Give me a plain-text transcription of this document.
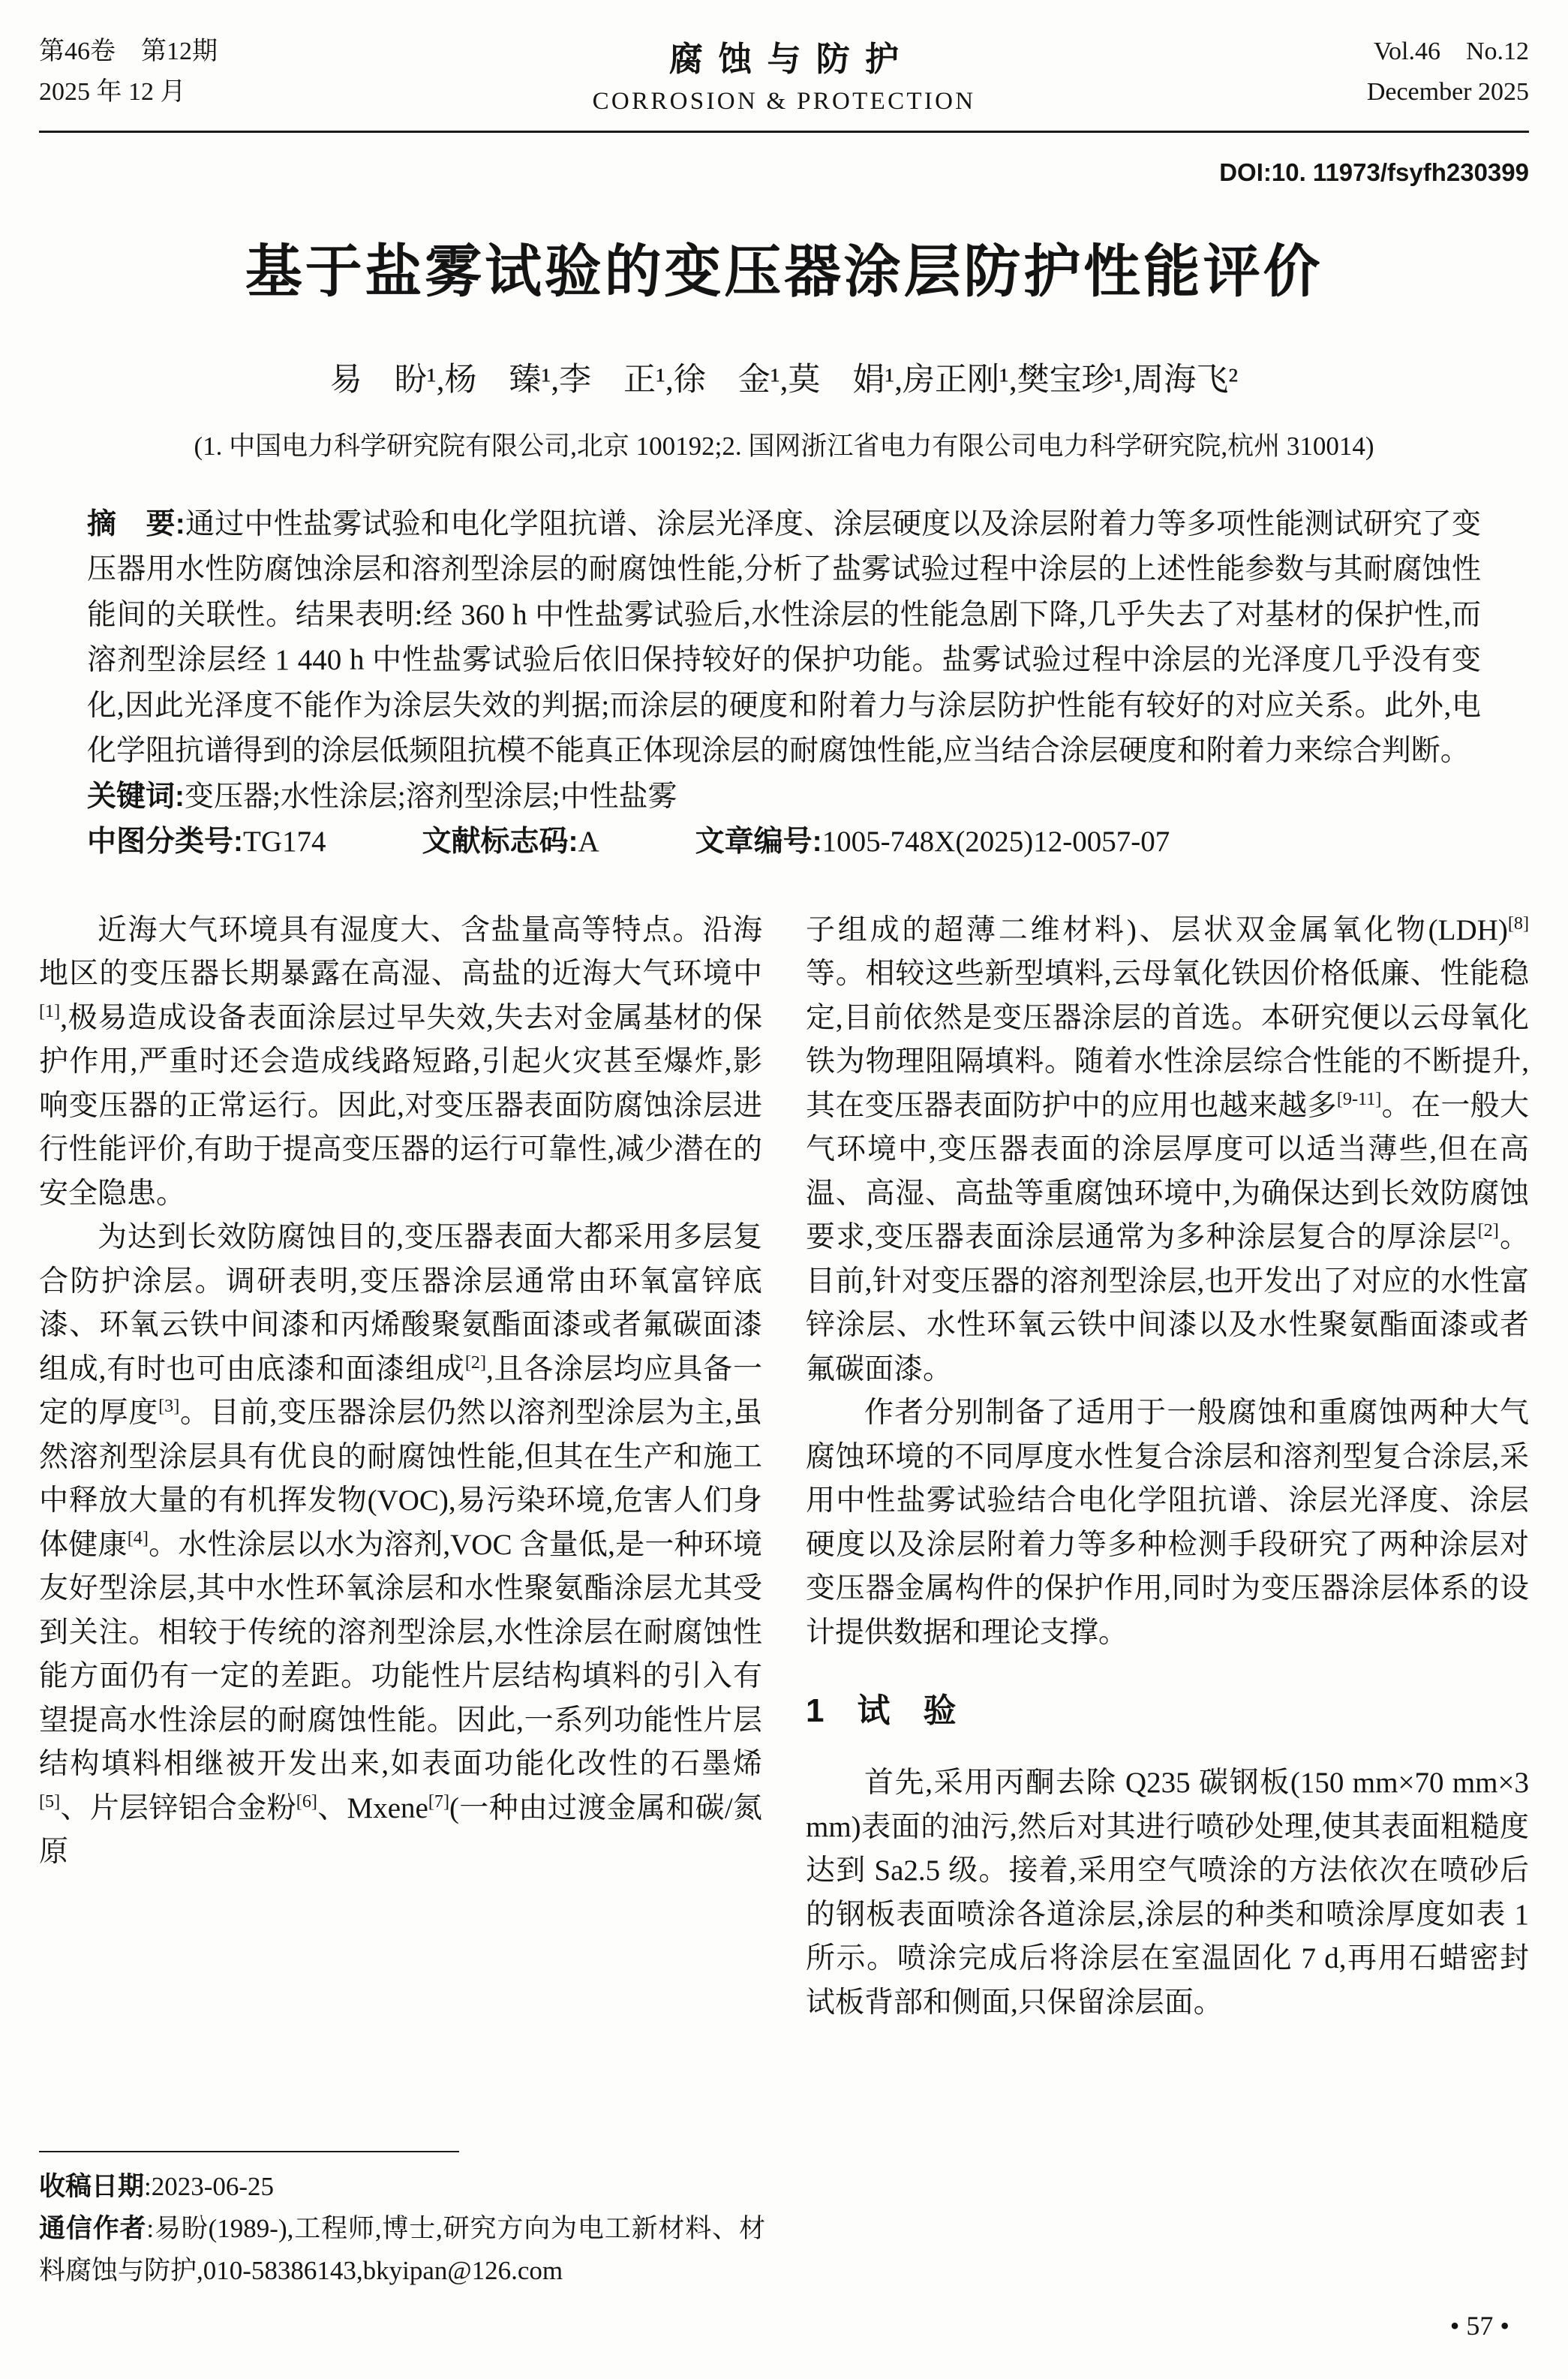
第46卷　第12期
2025 年 12 月
腐蚀与防护
CORROSION & PROTECTION
Vol.46　No.12
December 2025
DOI:10. 11973/fsyfh230399
基于盐雾试验的变压器涂层防护性能评价
易　盼¹,杨　臻¹,李　正¹,徐　金¹,莫　娟¹,房正刚¹,樊宝珍¹,周海飞²
(1. 中国电力科学研究院有限公司,北京 100192;2. 国网浙江省电力有限公司电力科学研究院,杭州 310014)

摘　要:通过中性盐雾试验和电化学阻抗谱、涂层光泽度、涂层硬度以及涂层附着力等多项性能测试研究了变压器用水性防腐蚀涂层和溶剂型涂层的耐腐蚀性能,分析了盐雾试验过程中涂层的上述性能参数与其耐腐蚀性能间的关联性。结果表明:经 360 h 中性盐雾试验后,水性涂层的性能急剧下降,几乎失去了对基材的保护性,而溶剂型涂层经 1 440 h 中性盐雾试验后依旧保持较好的保护功能。盐雾试验过程中涂层的光泽度几乎没有变化,因此光泽度不能作为涂层失效的判据;而涂层的硬度和附着力与涂层防护性能有较好的对应关系。此外,电化学阻抗谱得到的涂层低频阻抗模不能真正体现涂层的耐腐蚀性能,应当结合涂层硬度和附着力来综合判断。

关键词:变压器;水性涂层;溶剂型涂层;中性盐雾

中图分类号:TG174	文献标志码:A	文章编号:1005-748X(2025)12-0057-07

近海大气环境具有湿度大、含盐量高等特点。沿海地区的变压器长期暴露在高湿、高盐的近海大气环境中[1],极易造成设备表面涂层过早失效,失去对金属基材的保护作用,严重时还会造成线路短路,引起火灾甚至爆炸,影响变压器的正常运行。因此,对变压器表面防腐蚀涂层进行性能评价,有助于提高变压器的运行可靠性,减少潜在的安全隐患。

为达到长效防腐蚀目的,变压器表面大都采用多层复合防护涂层。调研表明,变压器涂层通常由环氧富锌底漆、环氧云铁中间漆和丙烯酸聚氨酯面漆或者氟碳面漆组成,有时也可由底漆和面漆组成[2],且各涂层均应具备一定的厚度[3]。目前,变压器涂层仍然以溶剂型涂层为主,虽然溶剂型涂层具有优良的耐腐蚀性能,但其在生产和施工中释放大量的有机挥发物(VOC),易污染环境,危害人们身体健康[4]。水性涂层以水为溶剂,VOC 含量低,是一种环境友好型涂层,其中水性环氧涂层和水性聚氨酯涂层尤其受到关注。相较于传统的溶剂型涂层,水性涂层在耐腐蚀性能方面仍有一定的差距。功能性片层结构填料的引入有望提高水性涂层的耐腐蚀性能。因此,一系列功能性片层结构填料相继被开发出来,如表面功能化改性的石墨烯[5]、片层锌铝合金粉[6]、Mxene[7](一种由过渡金属和碳/氮原

子组成的超薄二维材料)、层状双金属氧化物(LDH)[8]等。相较这些新型填料,云母氧化铁因价格低廉、性能稳定,目前依然是变压器涂层的首选。本研究便以云母氧化铁为物理阻隔填料。随着水性涂层综合性能的不断提升,其在变压器表面防护中的应用也越来越多[9-11]。在一般大气环境中,变压器表面的涂层厚度可以适当薄些,但在高温、高湿、高盐等重腐蚀环境中,为确保达到长效防腐蚀要求,变压器表面涂层通常为多种涂层复合的厚涂层[2]。目前,针对变压器的溶剂型涂层,也开发出了对应的水性富锌涂层、水性环氧云铁中间漆以及水性聚氨酯面漆或者氟碳面漆。

作者分别制备了适用于一般腐蚀和重腐蚀两种大气腐蚀环境的不同厚度水性复合涂层和溶剂型复合涂层,采用中性盐雾试验结合电化学阻抗谱、涂层光泽度、涂层硬度以及涂层附着力等多种检测手段研究了两种涂层对变压器金属构件的保护作用,同时为变压器涂层体系的设计提供数据和理论支撑。

1　试　验

首先,采用丙酮去除 Q235 碳钢板(150 mm×70 mm×3 mm)表面的油污,然后对其进行喷砂处理,使其表面粗糙度达到 Sa2.5 级。接着,采用空气喷涂的方法依次在喷砂后的钢板表面喷涂各道涂层,涂层的种类和喷涂厚度如表 1 所示。喷涂完成后将涂层在室温固化 7 d,再用石蜡密封试板背部和侧面,只保留涂层面。

收稿日期:2023-06-25

通信作者:易盼(1989-),工程师,博士,研究方向为电工新材料、材料腐蚀与防护,010-58386143,bkyipan@126.com

• 57 •
